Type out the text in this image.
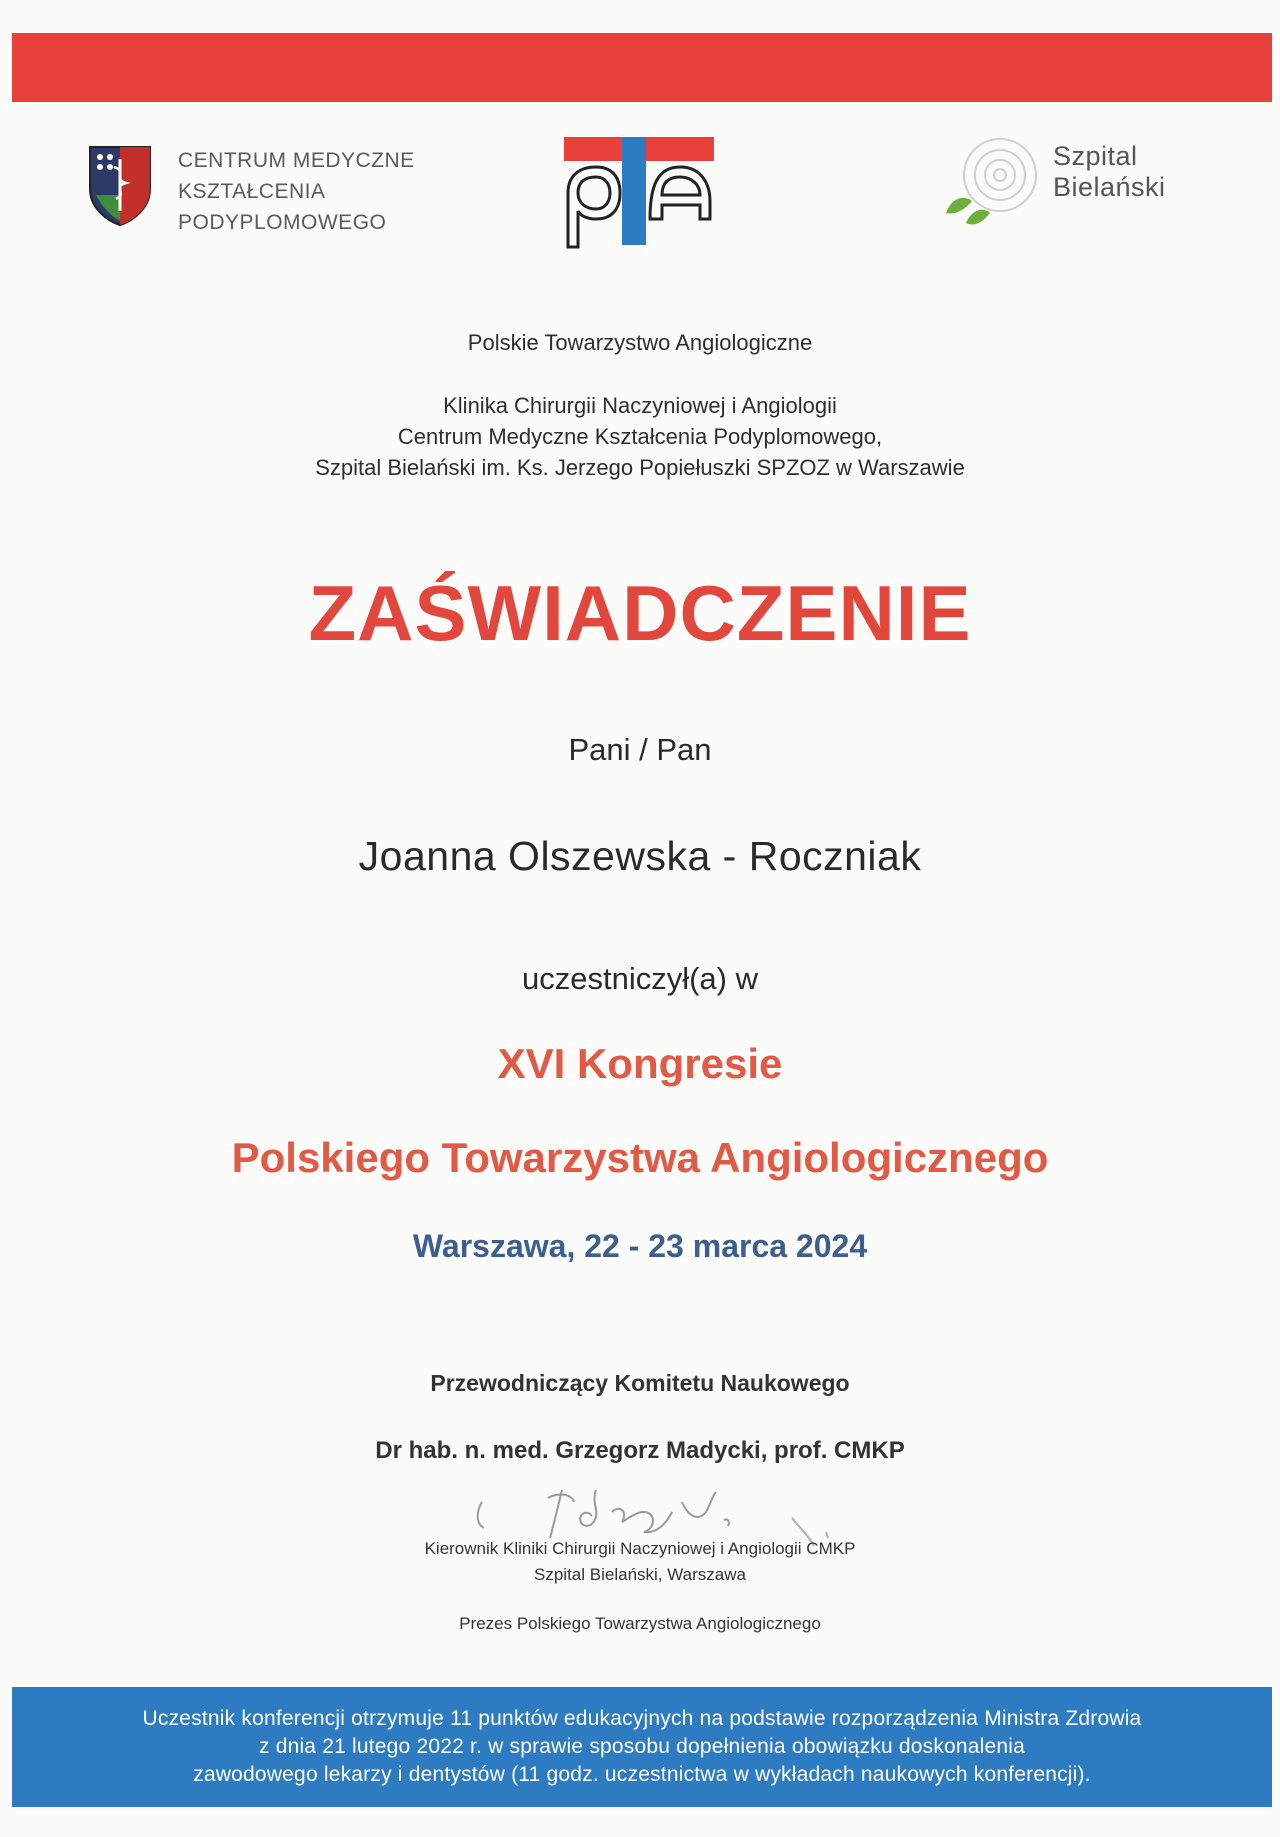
CENTRUM MEDYCZNE
KSZTAŁCENIA
PODYPLOMOWEGO
Szpital
Bielański
Polskie Towarzystwo Angiologiczne
Klinika Chirurgii Naczyniowej i Angiologii
Centrum Medyczne Kształcenia Podyplomowego,
Szpital Bielański im. Ks. Jerzego Popiełuszki SPZOZ w Warszawie
ZAŚWIADCZENIE
Pani / Pan
Joanna Olszewska - Roczniak
uczestniczył(a) w
XVI Kongresie
Polskiego Towarzystwa Angiologicznego
Warszawa, 22 - 23 marca 2024
Przewodniczący Komitetu Naukowego
Dr hab. n. med. Grzegorz Madycki, prof. CMKP
Kierownik Kliniki Chirurgii Naczyniowej i Angiologii CMKP
Szpital Bielański, Warszawa
Prezes Polskiego Towarzystwa Angiologicznego
Uczestnik konferencji otrzymuje 11 punktów edukacyjnych na podstawie rozporządzenia Ministra Zdrowia
z dnia 21 lutego 2022 r. w sprawie sposobu dopełnienia obowiązku doskonalenia
zawodowego lekarzy i dentystów (11 godz. uczestnictwa w wykładach naukowych konferencji).
